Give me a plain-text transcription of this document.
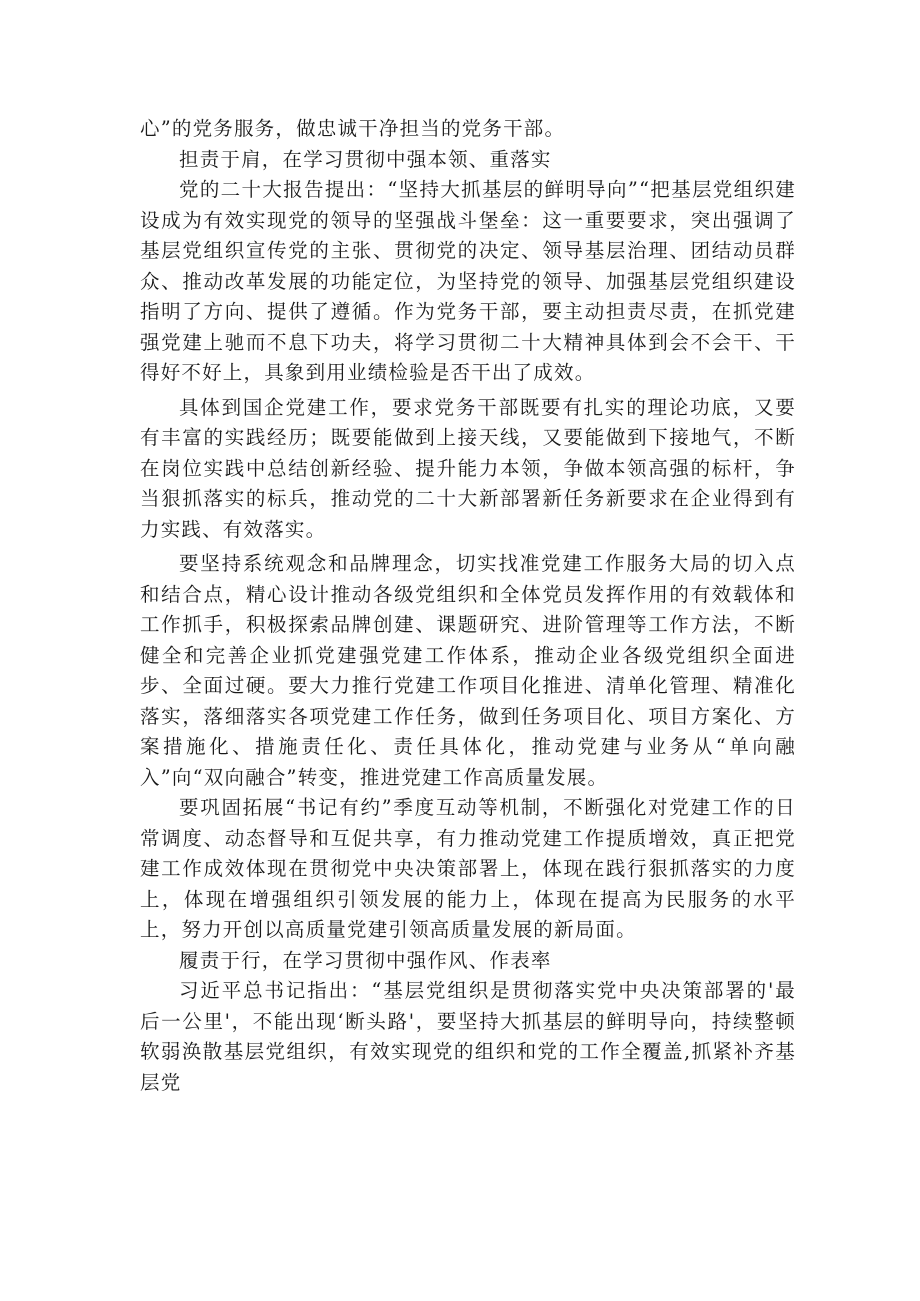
心”的党务服务，做忠诚干净担当的党务干部。

担责于肩，在学习贯彻中强本领、重落实

党的二十大报告提出：“坚持大抓基层的鲜明导向”“把基层党组织建设成为有效实现党的领导的坚强战斗堡垒：这一重要要求，突出强调了基层党组织宣传党的主张、贯彻党的决定、领导基层治理、团结动员群众、推动改革发展的功能定位，为坚持党的领导、加强基层党组织建设指明了方向、提供了遵循。作为党务干部，要主动担责尽责，在抓党建强党建上驰而不息下功夫，将学习贯彻二十大精神具体到会不会干、干得好不好上，具象到用业绩检验是否干出了成效。

具体到国企党建工作，要求党务干部既要有扎实的理论功底，又要有丰富的实践经历；既要能做到上接天线，又要能做到下接地气，不断在岗位实践中总结创新经验、提升能力本领，争做本领高强的标杆，争当狠抓落实的标兵，推动党的二十大新部署新任务新要求在企业得到有力实践、有效落实。

要坚持系统观念和品牌理念，切实找准党建工作服务大局的切入点和结合点，精心设计推动各级党组织和全体党员发挥作用的有效载体和工作抓手，积极探索品牌创建、课题研究、进阶管理等工作方法，不断健全和完善企业抓党建强党建工作体系，推动企业各级党组织全面进步、全面过硬。要大力推行党建工作项目化推进、清单化管理、精准化落实，落细落实各项党建工作任务，做到任务项目化、项目方案化、方案措施化、措施责任化、责任具体化，推动党建与业务从“单向融入”向“双向融合”转变，推进党建工作高质量发展。

要巩固拓展“书记有约”季度互动等机制，不断强化对党建工作的日常调度、动态督导和互促共享，有力推动党建工作提质增效，真正把党建工作成效体现在贯彻党中央决策部署上，体现在践行狠抓落实的力度上，体现在增强组织引领发展的能力上，体现在提高为民服务的水平上，努力开创以高质量党建引领高质量发展的新局面。

履责于行，在学习贯彻中强作风、作表率

习近平总书记指出：“基层党组织是贯彻落实党中央决策部署的'最后一公里'，不能出现‘断头路'，要坚持大抓基层的鲜明导向，持续整顿软弱涣散基层党组织，有效实现党的组织和党的工作全覆盖,抓紧补齐基层党
